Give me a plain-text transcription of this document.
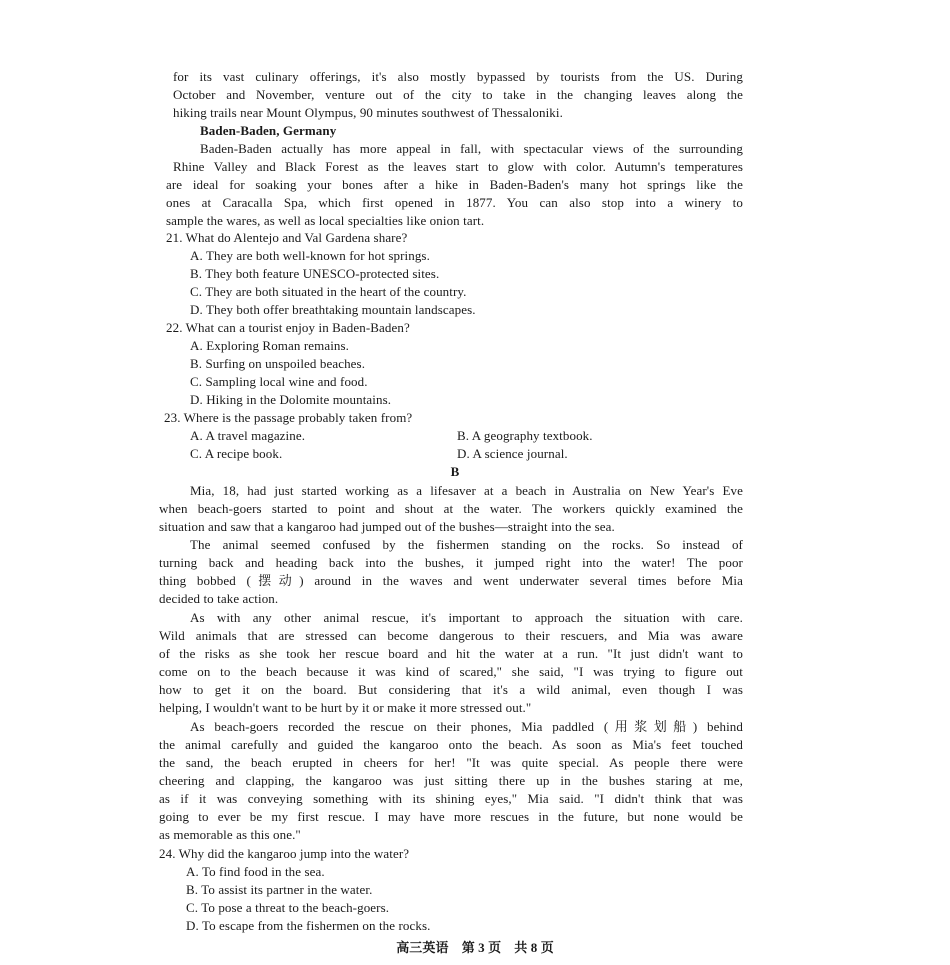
for its vast culinary offerings, it's also mostly bypassed by tourists from the US. During
October and November, venture out of the city to take in the changing leaves along the
hiking trails near Mount Olympus, 90 minutes southwest of Thessaloniki.
Baden-Baden, Germany
Baden-Baden actually has more appeal in fall, with spectacular views of the surrounding
Rhine Valley and Black Forest as the leaves start to glow with color. Autumn's temperatures
are ideal for soaking your bones after a hike in Baden-Baden's many hot springs like the
ones at Caracalla Spa, which first opened in 1877. You can also stop into a winery to
sample the wares, as well as local specialties like onion tart.
21. What do Alentejo and Val Gardena share?
A. They are both well-known for hot springs.
B. They both feature UNESCO-protected sites.
C. They are both situated in the heart of the country.
D. They both offer breathtaking mountain landscapes.
22. What can a tourist enjoy in Baden-Baden?
A. Exploring Roman remains.
B. Surfing on unspoiled beaches.
C. Sampling local wine and food.
D. Hiking in the Dolomite mountains.
23. Where is the passage probably taken from?
A. A travel magazine.	B. A geography textbook.
C. A recipe book.	D. A science journal.
B
Mia, 18, had just started working as a lifesaver at a beach in Australia on New Year's Eve
when beach-goers started to point and shout at the water. The workers quickly examined the
situation and saw that a kangaroo had jumped out of the bushes—straight into the sea.
The animal seemed confused by the fishermen standing on the rocks. So instead of
turning back and heading back into the bushes, it jumped right into the water! The poor
thing bobbed (摆动) around in the waves and went underwater several times before Mia
decided to take action.
As with any other animal rescue, it's important to approach the situation with care.
Wild animals that are stressed can become dangerous to their rescuers, and Mia was aware
of the risks as she took her rescue board and hit the water at a run. "It just didn't want to
come on to the beach because it was kind of scared," she said, "I was trying to figure out
how to get it on the board. But considering that it's a wild animal, even though I was
helping, I wouldn't want to be hurt by it or make it more stressed out."
As beach-goers recorded the rescue on their phones, Mia paddled (用浆划船) behind
the animal carefully and guided the kangaroo onto the beach. As soon as Mia's feet touched
the sand, the beach erupted in cheers for her! "It was quite special. As people there were
cheering and clapping, the kangaroo was just sitting there up in the bushes staring at me,
as if it was conveying something with its shining eyes," Mia said. "I didn't think that was
going to ever be my first rescue. I may have more rescues in the future, but none would be
as memorable as this one."
24. Why did the kangaroo jump into the water?
A. To find food in the sea.
B. To assist its partner in the water.
C. To pose a threat to the beach-goers.
D. To escape from the fishermen on the rocks.
高三英语　第 3 页　共 8 页
